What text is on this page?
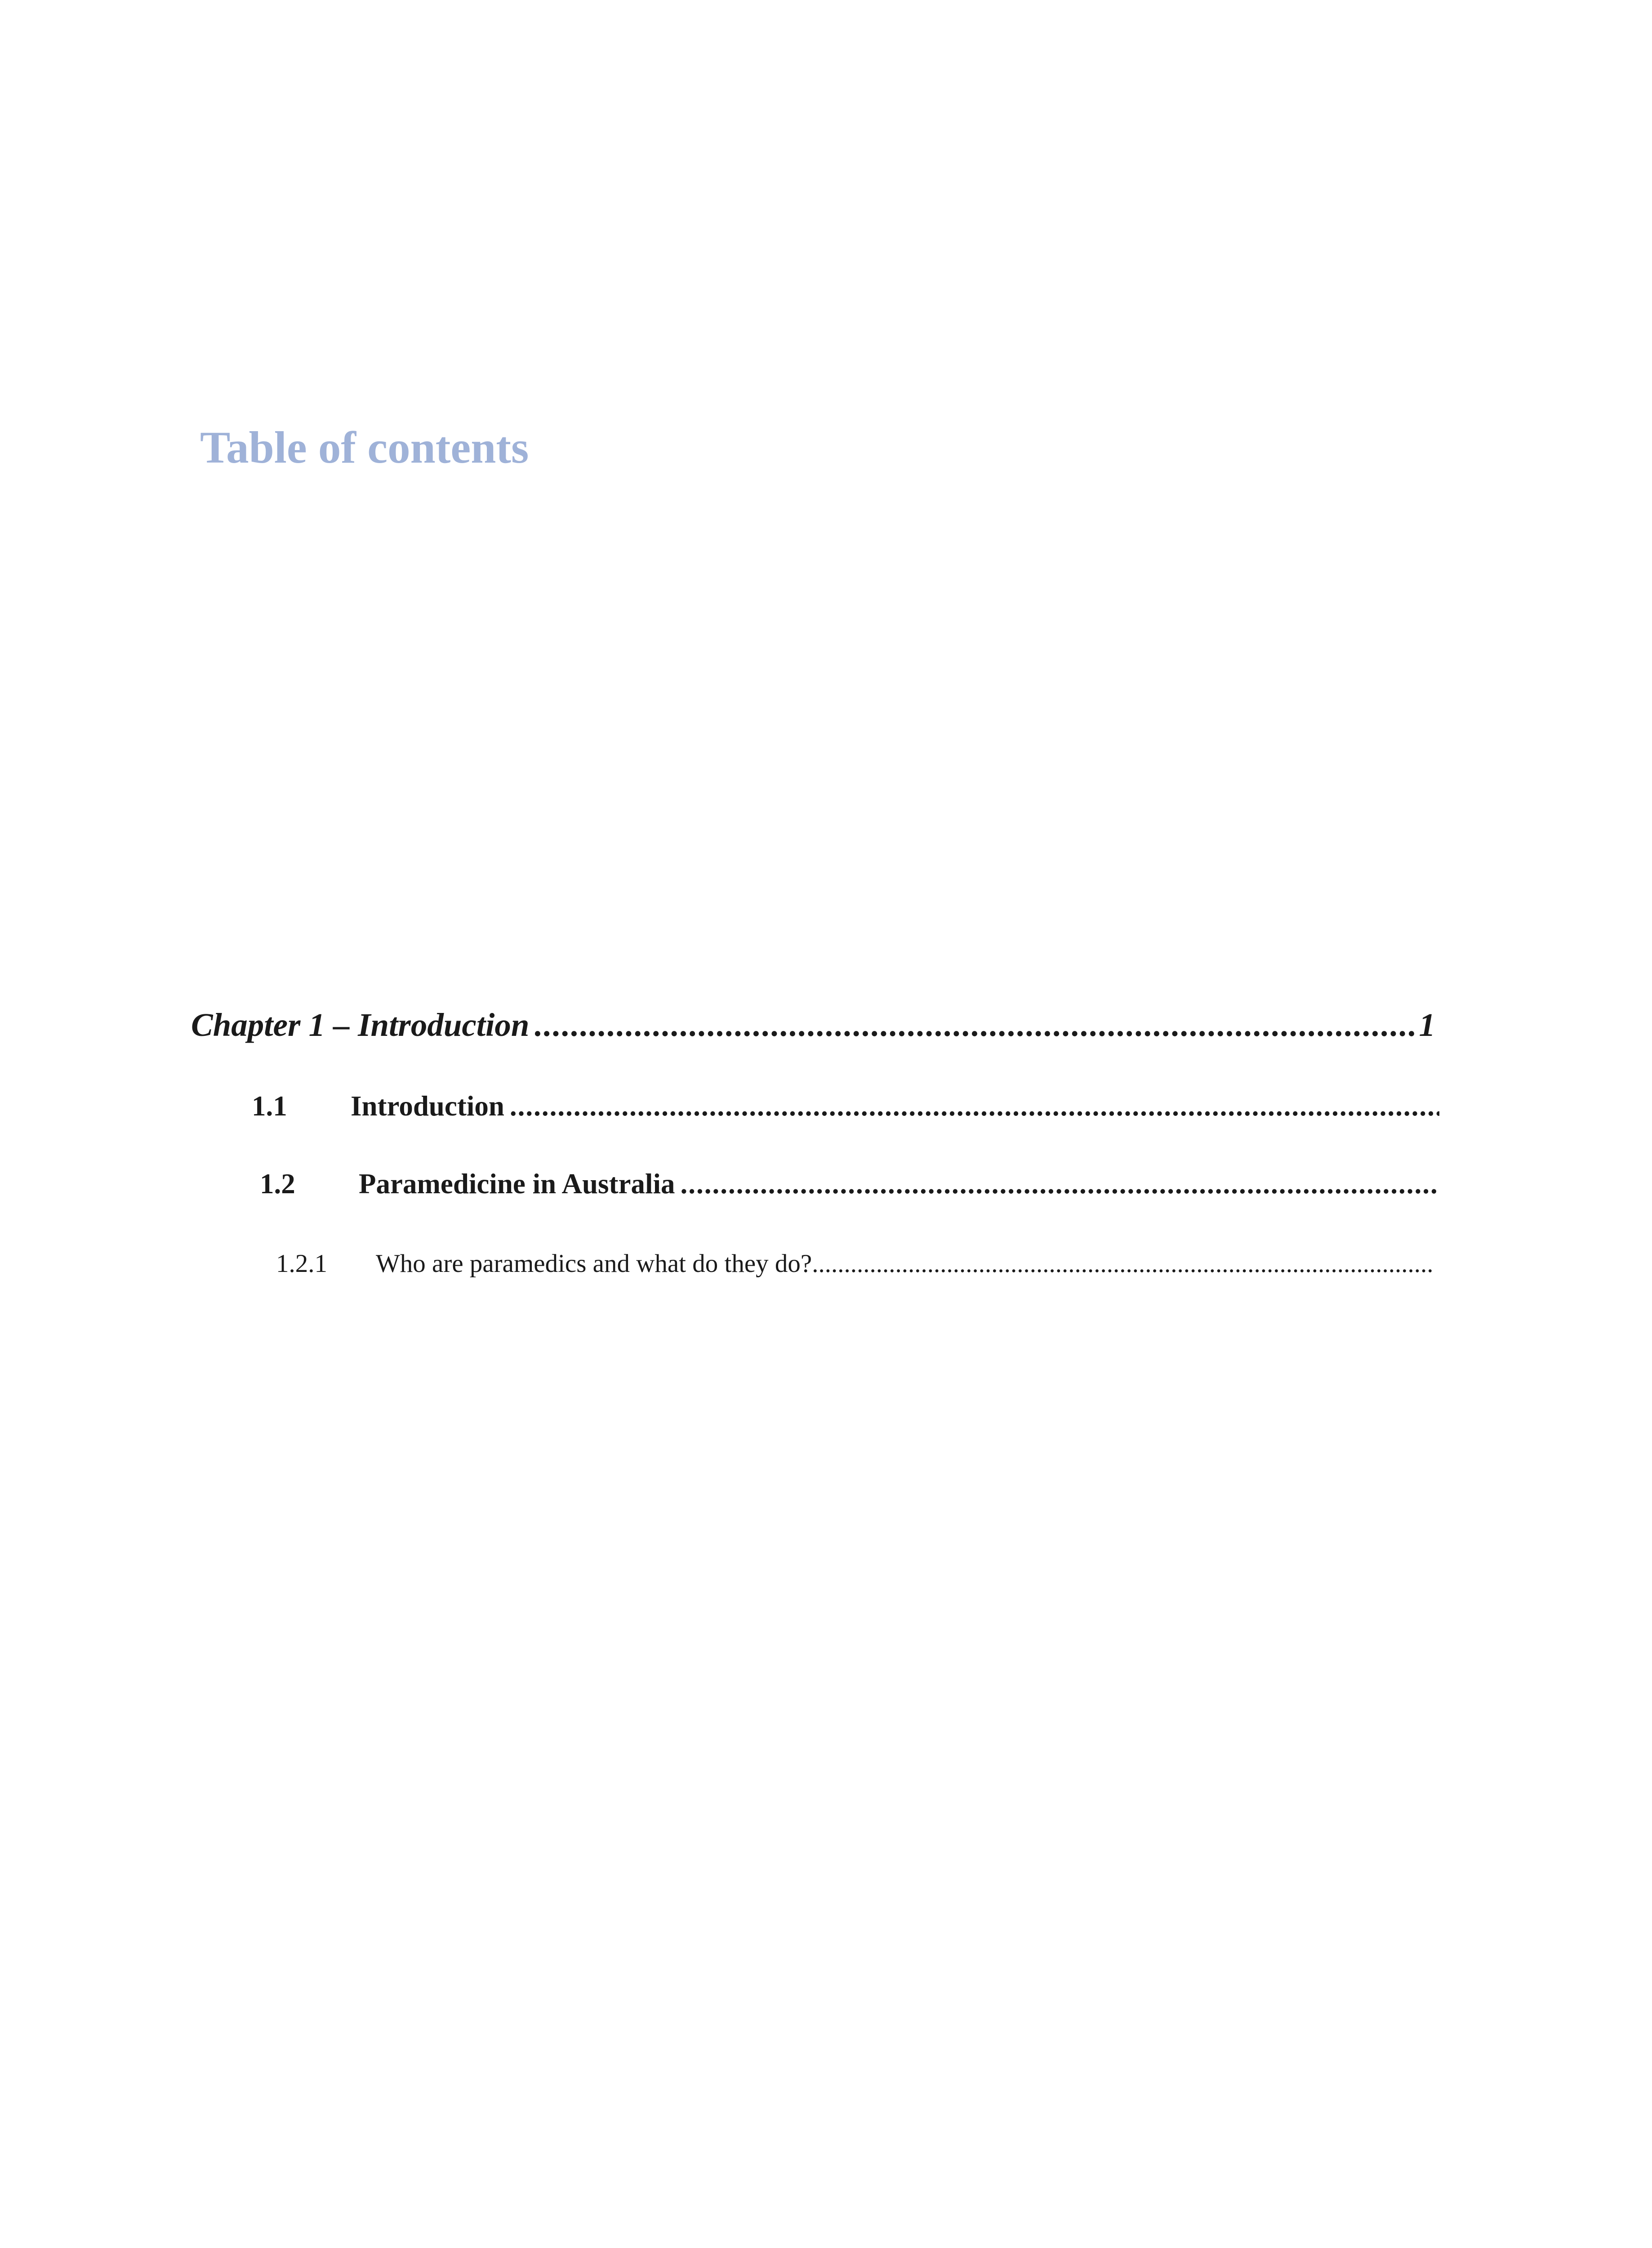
Table of contents
Chapter 1 – Introduction
.....	1
1.1	Introduction
.....
1.2	Paramedicine in Australia
.....
1.2.1	Who are paramedics and what do they do?
.....
